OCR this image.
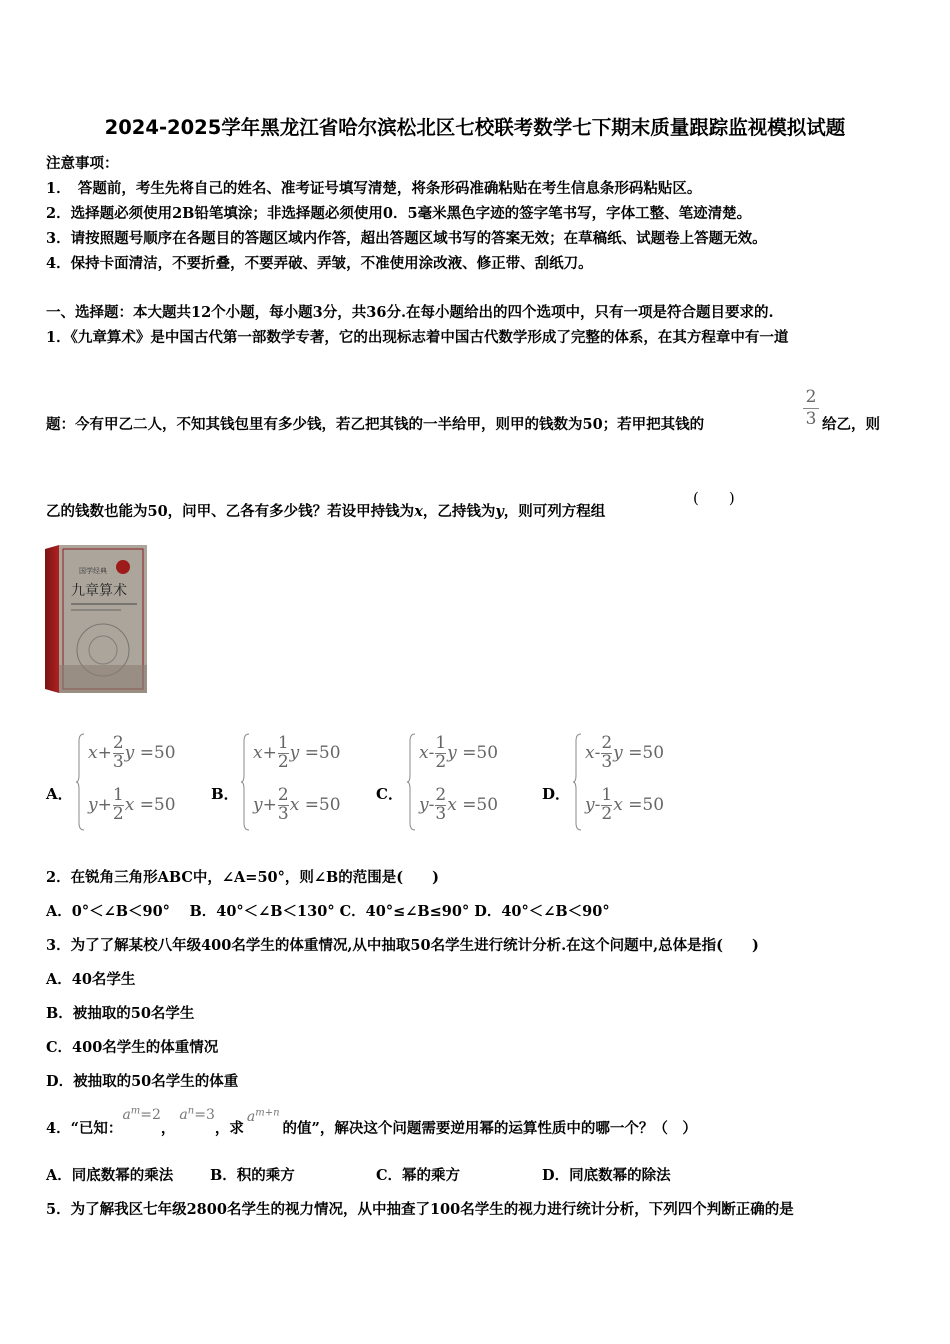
2024-2025学年黑龙江省哈尔滨松北区七校联考数学七下期末质量跟踪监视模拟试题
注意事项：
1．　答题前，考生先将自己的姓名、准考证号填写清楚，将条形码准确粘贴在考生信息条形码粘贴区。
2．选择题必须使用2B铅笔填涂；非选择题必须使用0．5毫米黑色字迹的签字笔书写，字体工整、笔迹清楚。
3．请按照题号顺序在各题目的答题区域内作答，超出答题区域书写的答案无效；在草稿纸、试题卷上答题无效。
4．保持卡面清洁，不要折叠，不要弄破、弄皱，不准使用涂改液、修正带、刮纸刀。
一、选择题：本大题共12个小题，每小题3分，共36分.在每小题给出的四个选项中，只有一项是符合题目要求的.
1．《九章算术》是中国古代第一部数学专著，它的出现标志着中国古代数学形成了完整的体系，在其方程章中有一道
题：今有甲乙二人，不知其钱包里有多少钱，若乙把其钱的一半给甲，则甲的钱数为50；若甲把其钱的	$\frac{2}{3}$ 给乙，则
乙的钱数也能为50，问甲、乙各有多少钱？若设甲持钱为x，乙持钱为y，则可列方程组
(　　)
国学经典
九章算术
A．	B．	C．	D．
$x+ \frac{2}{3}$ y =50
$y+ \frac{1}{2}$ x =50
$x+ \frac{1}{2}$ y =50
$y+ \frac{2}{3}$ x =50
$x- \frac{1}{2}$ y =50
$y- \frac{2}{3}$ x =50
$x- \frac{2}{3}$ y =50
$y- \frac{1}{2}$ x =50
2．在锐角三角形ABC中，∠A=50°，则∠B的范围是(　　)
A．0°＜∠B＜90°　 B．40°＜∠B＜130° C．40°≤∠B≤90° D．40°＜∠B＜90°
3．为了了解某校八年级400名学生的体重情况,从中抽取50名学生进行统计分析.在这个问题中,总体是指(　　)
A．40名学生
B．被抽取的50名学生
C．400名学生的体重情况
D．被抽取的50名学生的体重
4．“已知：$a^m=2$，$a^n=3$，求$a^{m+n}$的值”，解决这个问题需要逆用幂的运算性质中的哪一个？（　）
A．同底数幂的乘法	B．积的乘方	C．幂的乘方	D．同底数幂的除法
5．为了解我区七年级2800名学生的视力情况，从中抽查了100名学生的视力进行统计分析，下列四个判断正确的是
